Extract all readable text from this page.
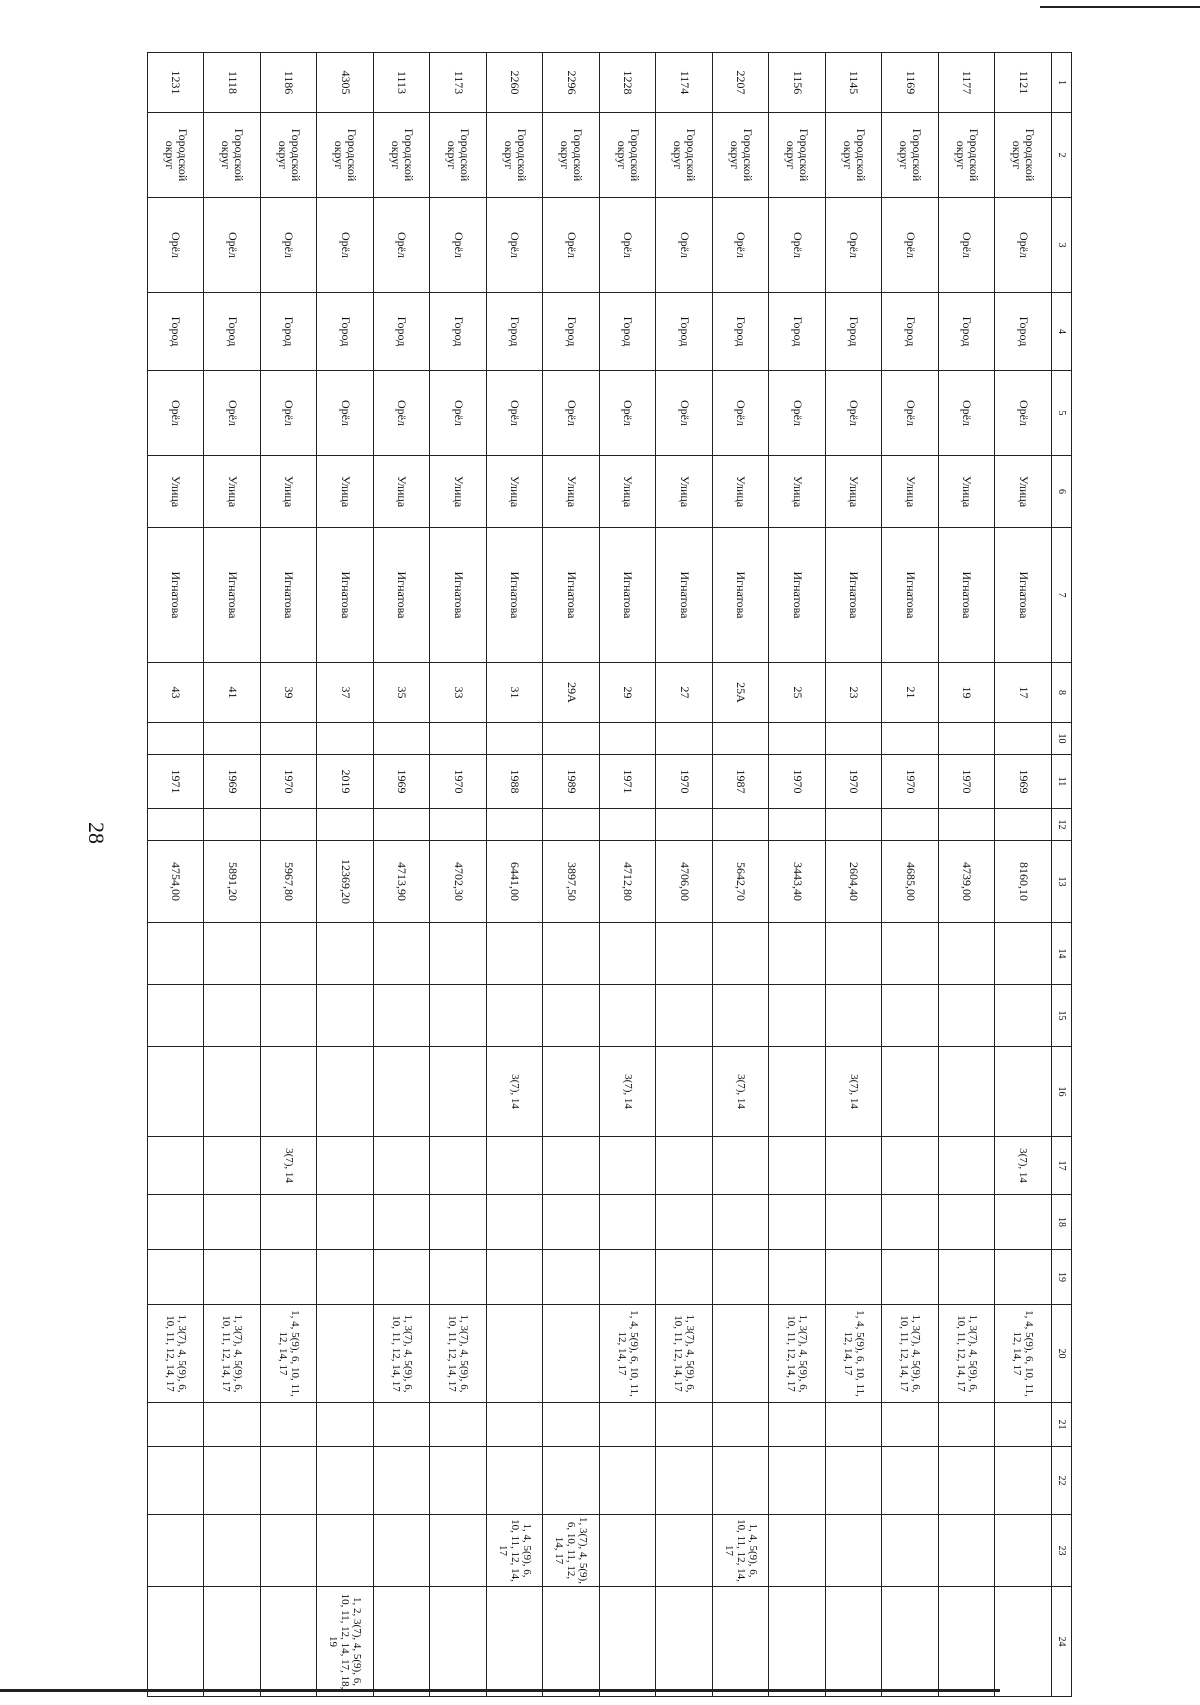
28
1	2	3	4	5	6	7	8	10	11	12	13	14	15	16	17	18	19	20	21	22	23	24
1121	Городской округ	Орёл	Город	Орёл	Улица	Игнатова	17		1969		8160,10				3(7), 14			1, 4, 5(9), 6, 10, 11, 12, 14, 17				
1177	Городской округ	Орёл	Город	Орёл	Улица	Игнатова	19		1970		4739,00							1, 3(7), 4, 5(9), 6, 10, 11, 12, 14, 17				
1169	Городской округ	Орёл	Город	Орёл	Улица	Игнатова	21		1970		4685,00							1, 3(7), 4, 5(9), 6, 10, 11, 12, 14, 17				
1145	Городской округ	Орёл	Город	Орёл	Улица	Игнатова	23		1970		2604,40			3(7), 14				1, 4, 5(9), 6, 10, 11, 12, 14, 17				
1156	Городской округ	Орёл	Город	Орёл	Улица	Игнатова	25		1970		3443,40							1, 3(7), 4, 5(9), 6, 10, 11, 12, 14, 17				
2207	Городской округ	Орёл	Город	Орёл	Улица	Игнатова	25А		1987		5642,70			3(7), 14							1, 4, 5(9), 6, 10, 11, 12, 14, 17	
1174	Городской округ	Орёл	Город	Орёл	Улица	Игнатова	27		1970		4706,00							1, 3(7), 4, 5(9), 6, 10, 11, 12, 14, 17				
1228	Городской округ	Орёл	Город	Орёл	Улица	Игнатова	29		1971		4712,80			3(7), 14				1, 4, 5(9), 6, 10, 11, 12, 14, 17				
2296	Городской округ	Орёл	Город	Орёл	Улица	Игнатова	29А		1989		3897,50										1, 3(7), 4, 5(9), 6, 10, 11, 12, 14, 17	
2260	Городской округ	Орёл	Город	Орёл	Улица	Игнатова	31		1988		6441,00			3(7), 14							1, 4, 5(9), 6, 10, 11, 12, 14, 17	
1173	Городской округ	Орёл	Город	Орёл	Улица	Игнатова	33		1970		4702,30							1, 3(7), 4, 5(9), 6, 10, 11, 12, 14, 17				
1113	Городской округ	Орёл	Город	Орёл	Улица	Игнатова	35		1969		4713,90							1, 3(7), 4, 5(9), 6, 10, 11, 12, 14, 17				
4305	Городской округ	Орёл	Город	Орёл	Улица	Игнатова	37		2019		12369,20											1, 2, 3(7), 4, 5(9), 6, 10, 11, 12, 14, 17, 18, 19
1186	Городской округ	Орёл	Город	Орёл	Улица	Игнатова	39		1970		5967,80				3(7), 14			1, 4, 5(9), 6, 10, 11, 12, 14, 17				
1118	Городской округ	Орёл	Город	Орёл	Улица	Игнатова	41		1969		5891,20							1, 3(7), 4, 5(9), 6, 10, 11, 12, 14, 17				
1231	Городской округ	Орёл	Город	Орёл	Улица	Игнатова	43		1971		4754,00							1, 3(7), 4, 5(9), 6, 10, 11, 12, 14, 17				
